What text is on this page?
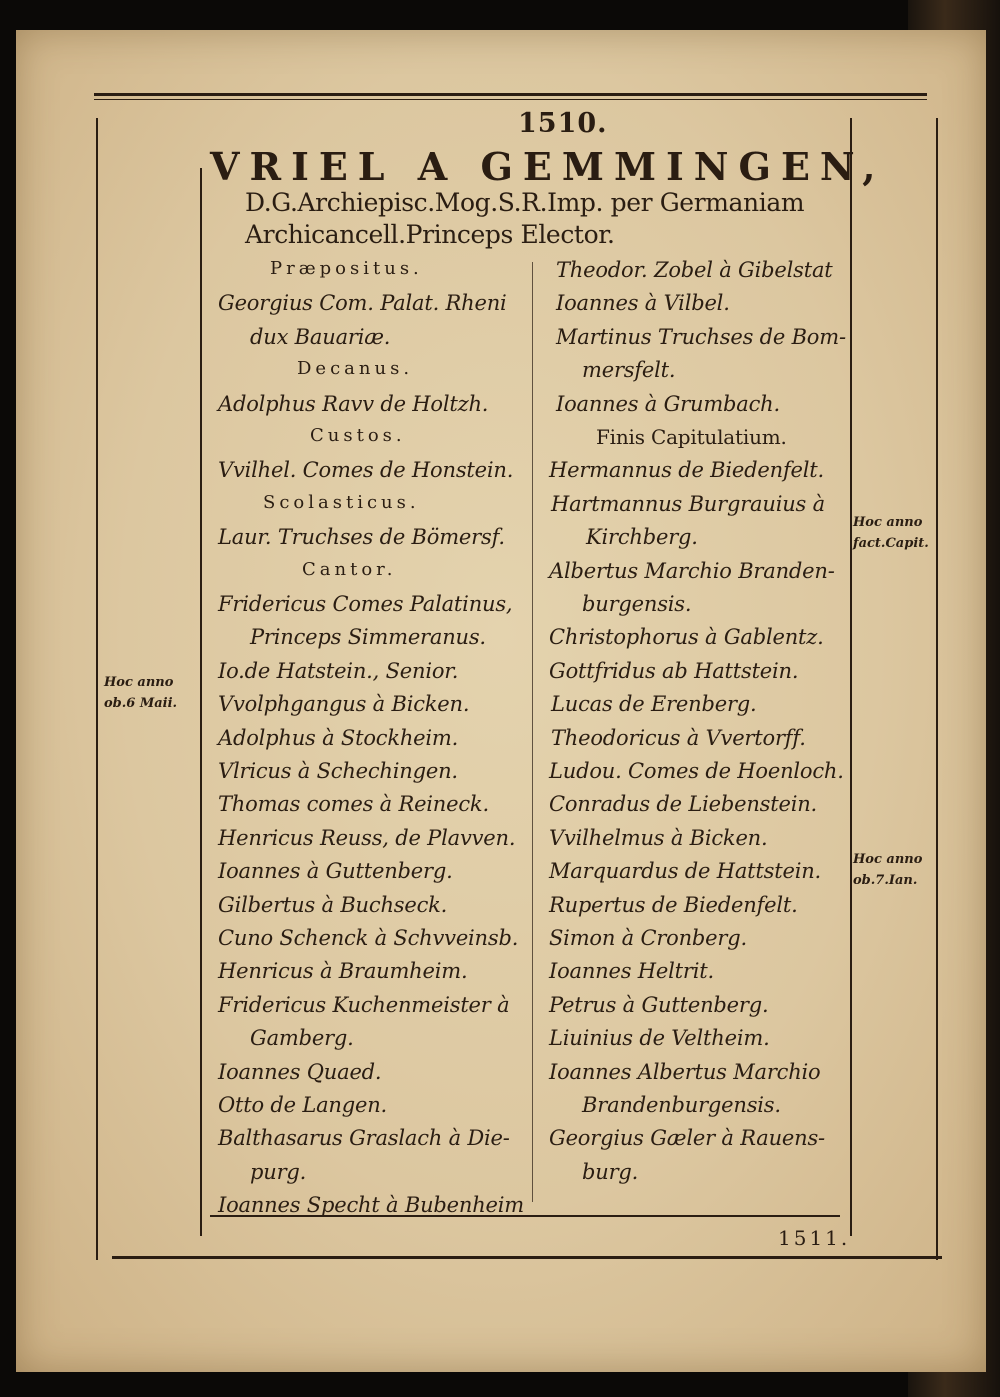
1510.
VRIEL A GEMMINGEN,
D.G.Archiepisc.Mog.S.R.Imp. per Germaniam
Archicancell.Princeps Elector.
Præpositus.
Georgius Com. Palat. Rheni
dux Bauariæ.
Decanus.
Adolphus Ravv de Holtzh.
Custos.
Vvilhel. Comes de Honstein.
Scolasticus.
Laur. Truchses de Bömersf.
Cantor.
Fridericus Comes Palatinus,
Princeps Simmeranus.
Io.de Hatstein., Senior.
Vvolphgangus à Bicken.
Adolphus à Stockheim.
Vlricus à Schechingen.
Thomas comes à Reineck.
Henricus Reuss, de Plavven.
Ioannes à Guttenberg.
Gilbertus à Buchseck.
Cuno Schenck à Schvveinsb.
Henricus à Braumheim.
Fridericus Kuchenmeister à
Gamberg.
Ioannes Quaed.
Otto de Langen.
Balthasarus Graslach à Die-
purg.
Ioannes Specht à Bubenheim
Theodor. Zobel à Gibelstat
Ioannes à Vilbel.
Martinus Truchses de Bom-
mersfelt.
Ioannes à Grumbach.
Finis Capitulatium.
Hermannus de Biedenfelt.
Hartmannus Burgrauius à
Kirchberg.
Albertus Marchio Branden-
burgensis.
Christophorus à Gablentz.
Gottfridus ab Hattstein.
Lucas de Erenberg.
Theodoricus à Vvertorff.
Ludou. Comes de Hoenloch.
Conradus de Liebenstein.
Vvilhelmus à Bicken.
Marquardus de Hattstein.
Rupertus de Biedenfelt.
Simon à Cronberg.
Ioannes Heltrit.
Petrus à Guttenberg.
Liuinius de Veltheim.
Ioannes Albertus Marchio
Brandenburgensis.
Georgius Gæler à Rauens-
burg.
Hoc anno
ob.6 Maii.
Hoc anno
fact.Capit.
Hoc anno
ob.7.Ian.
1511.
